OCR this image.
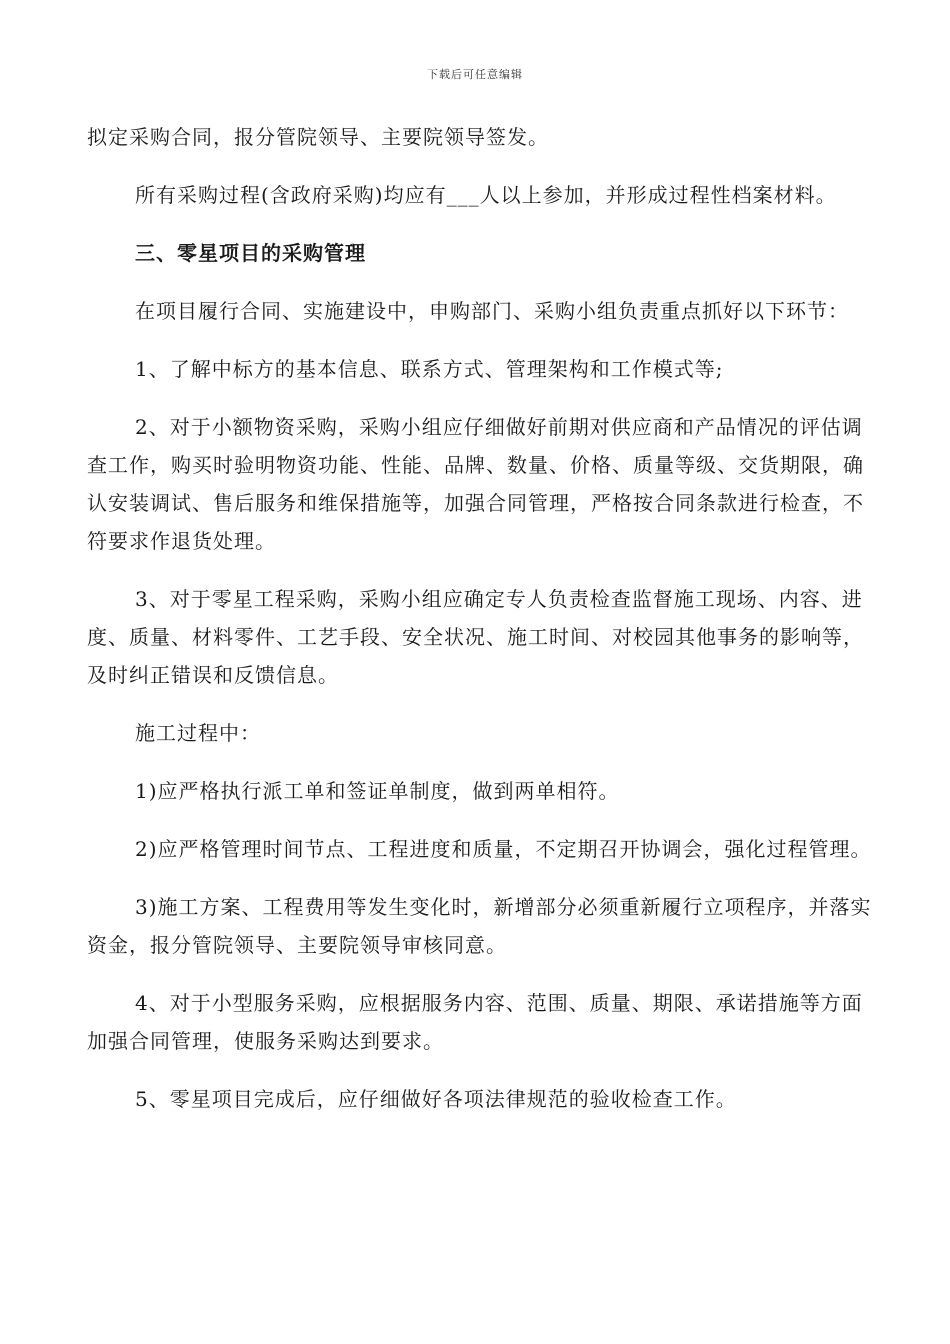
下载后可任意编辑

拟定采购合同，报分管院领导、主要院领导签发。

所有采购过程(含政府采购)均应有___人以上参加，并形成过程性档案材料。

三、零星项目的采购管理

在项目履行合同、实施建设中，申购部门、采购小组负责重点抓好以下环节：

1、了解中标方的基本信息、联系方式、管理架构和工作模式等;

2、对于小额物资采购，采购小组应仔细做好前期对供应商和产品情况的评估调查工作，购买时验明物资功能、性能、品牌、数量、价格、质量等级、交货期限，确认安装调试、售后服务和维保措施等，加强合同管理，严格按合同条款进行检查，不符要求作退货处理。

3、对于零星工程采购，采购小组应确定专人负责检查监督施工现场、内容、进度、质量、材料零件、工艺手段、安全状况、施工时间、对校园其他事务的影响等，及时纠正错误和反馈信息。

施工过程中：

1)应严格执行派工单和签证单制度，做到两单相符。

2)应严格管理时间节点、工程进度和质量，不定期召开协调会，强化过程管理。

3)施工方案、工程费用等发生变化时，新增部分必须重新履行立项程序，并落实资金，报分管院领导、主要院领导审核同意。

4、对于小型服务采购，应根据服务内容、范围、质量、期限、承诺措施等方面加强合同管理，使服务采购达到要求。

5、零星项目完成后，应仔细做好各项法律规范的验收检查工作。
